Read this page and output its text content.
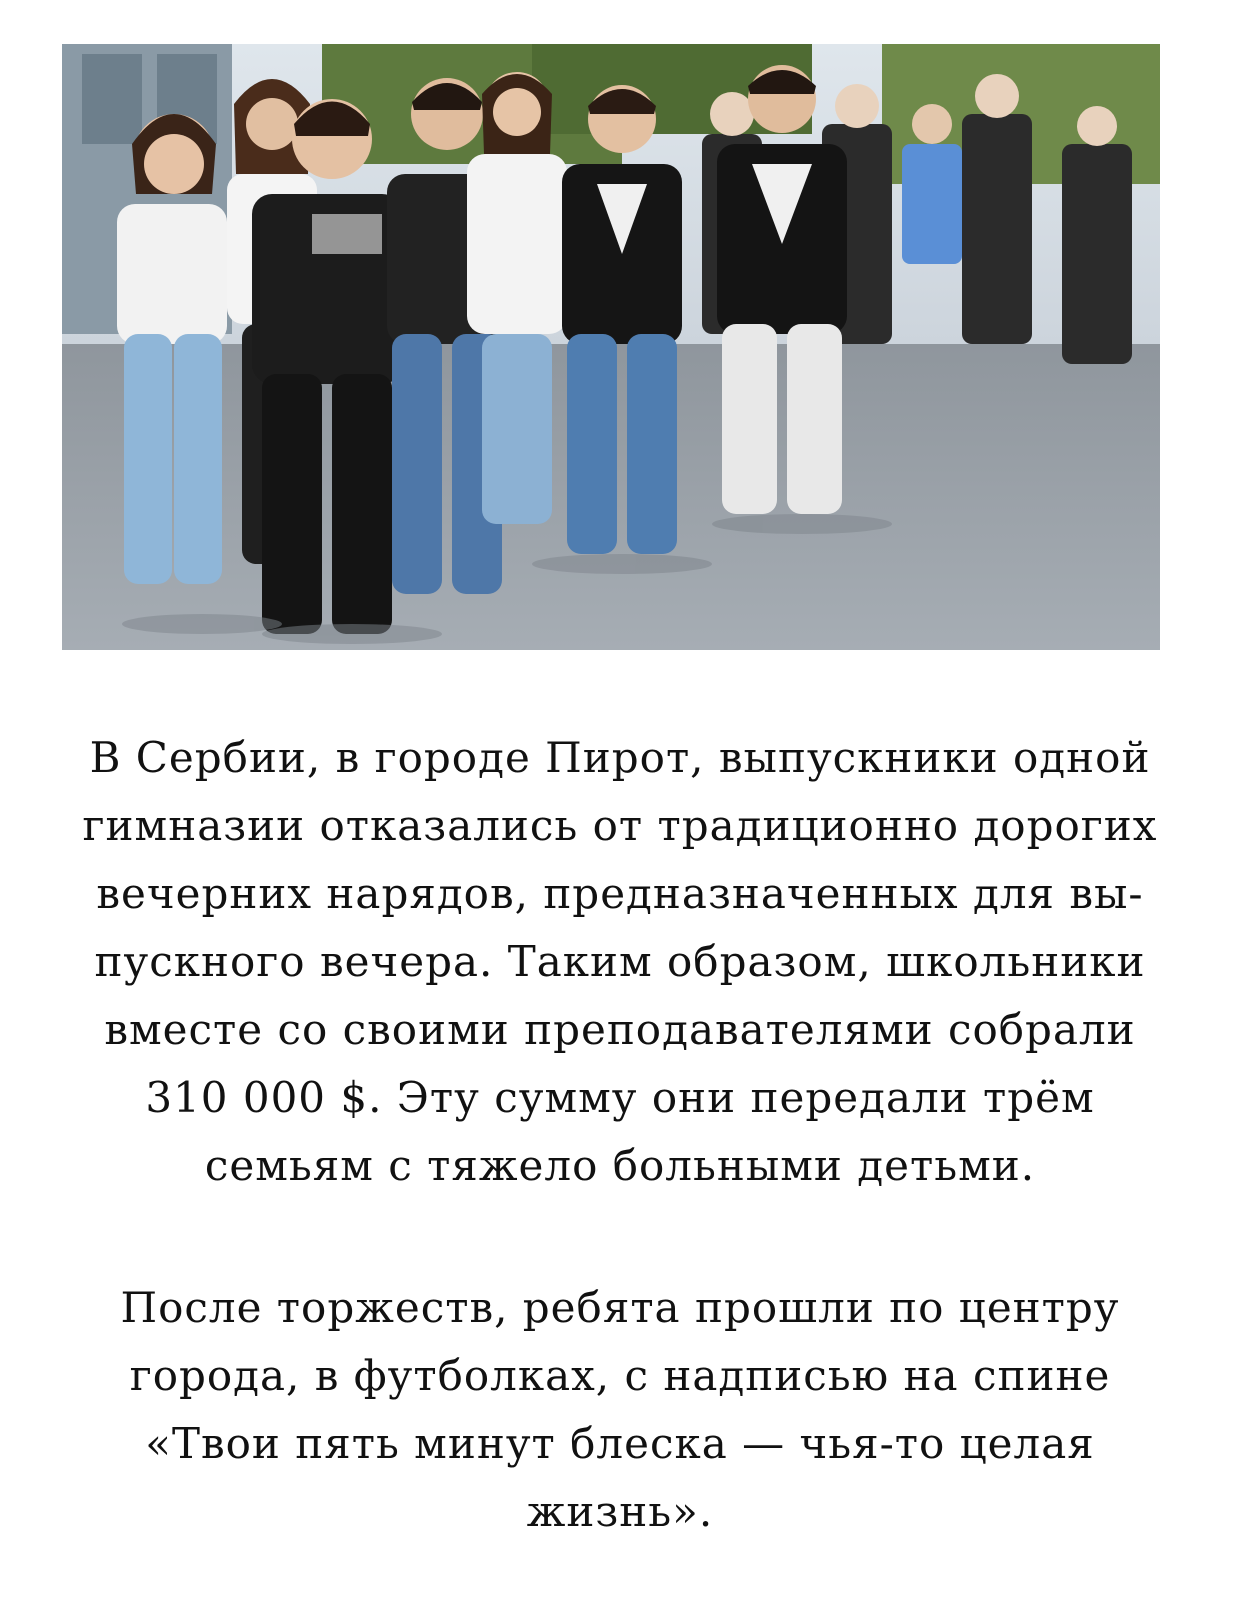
В Сербии, в городе Пирот, выпускники одной
гимназии отказались от традиционно дорогих
вечерних нарядов, предназначенных для вы-
пускного вечера. Таким образом, школьники
вместе со своими преподавателями собрали
310 000 $. Эту сумму они передали трём
семьям с тяжело больными детьми.
После торжеств, ребята прошли по центру
города, в футболках, с надписью на спине
«Твои пять минут блеска — чья-то целая
жизнь».
